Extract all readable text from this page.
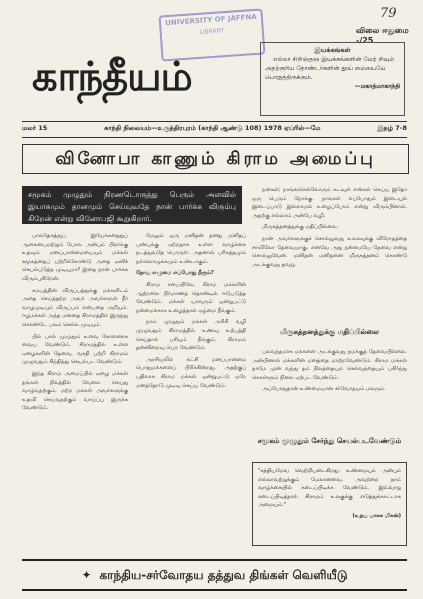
79
விலை ஈதுமை -/25
UNIVERSITY OF JAFFNA
LIBRARY
காந்தீயம்
இயக்கங்கள்
எல்லா சிறிஞ்தஞ இயக்கங்களின் மேற் றிவும் அதற்குரிய தோண்டர்களின் தூய் மையையே பொறுத்திருக்கும்.
—மகாத்மாகாந்தி
மலர் 15	காந்தி நிலையம்—உருத்திரபுரம் (காந்தி ஆண்டு 108) 1978 ஏப்ரில்—மே	இதழ் 7-8
வினோபா காணும் கிராம அமைப்பு
சமூகம் முழுதும் நிரணடொருத்து பெரும் அளவில் இயாசுமும் தானமும் செய்யுவதே நான் பார்க்க விரும்பு கிறேன் என்று வினோபஜி கூறுகிறார்.

பாலதேசுத்துப் இயேக்கதைதுப் ஆகையைமற்றும் போல அன்பும் பிறர்க்கு உதவும் மனப்பான்மையையும் மக்கள் சமூகத்தைப் பற்றிக்கோண்டு அதை ஏனிச் செயல்படுத்த முடியுமா? இதை நான் பார்க்க விரும்புகிறேன்.

சமயத்தின் விருப்பத்துக்கு மக்களிடம் அதை செய்த்தற்ற அவர் அவர்களுள் நீர் வாழமுடியும் விருப்பம் என்பதை அறியும். ஈழமக்கள் அந்த மனதை கிராமத்தில் இருந்து கொண்டே பலம் செல்ல முடியும்.

பில் பால் முமுதும் உளவ கோளனாக வைய வேண்டும். கிராமத்தில் உள்ள ஏழைகளின் தேவை, வசதி பற்றி கிராமம் முழுவதும் சிந்தித்து செயல்பட வேண்டும்.

இந்த கிராம அமைப்பில் ஏழை மக்கள் தங்கள் நிலத்தில் வேலை செய்து வாழ்வதற்கும், மற்ற மக்கள் அவர்களுக்கு உதவி செய்வதற்கும் வாய்ப்பு இருக்க வேண்டும்.

மேலும் ஒரு மனிதன் தனது மனிதப் பண்புக்கு ஏற்றதாக உள்ள வாழ்க்கை நடத்துவதே பொருள். அதனால் பரிசுத்தமும் நல்லொழுக்கமும் உண்டாகும்.

நோய் எழுமை எப்போது நீரும்?

கிராம சபையிலே, கிராம மக்களின் ஆற்றலை நிர்மாணத் தொண்டில் ஈடுபடுத்த வேண்டும். மக்கள் யாவரும் ஒன்றுபட்டு நன்மைக்காக உழைத்தால் ஏழ்மை நீங்கும்.

நாம் முழுதும் மக்கள் அரிசி வழி முழுவதும் கிராமத்தில் உணவு உற்பத்தி செய்தால் பசியும் நீங்கும். கிராமம் தன்னிறைவு பெற வேண்டும்.

அரசியலில் கட்சி மனப்பான்மை பொதுமக்களைப் பிரிக்கின்றது. அதற்குப் பதிலாக கிராம மக்கள் ஒன்றுபட்டு ஒரே மனத்தோடு முடிவு செய்ய வேண்டும்.

நன்கள்; நாங்களெல்லோரும் கடவுள் என்கள் செய்ய இதோ ஒரு பெரும் நோக்கு. நாங்கள் எப்போதும் இடையுல் இடைப்பாடு இல்லாமல் உழைப்போம் என்று விரும்பினால், அதற்கு எல்லாம் அன்பே வழி.

மிருகத்தனத்துக்கு மதிப்பில்லை.

நான் அவர்களுக்குச் சொல்லுவது உலகவுக்கு விரோதத்தை சாவிலோ தேவையாகு. எனவே அது நன்மையே தேவை என்று சொல்லுவேன். மனிதன் மனிதனை மிருகத்தனம் கொண்டு அடக்குவது தவறு.

மிருகத்தனத்துக்கு மதிப்பில்லை

பலவந்தமாக மக்களை அடக்குவது நமக்குத் தேவையில்லை. அன்பினால் மக்களின் மனத்தை மாற்றவேண்டும். கிராம மக்கள் தாமே முன் வந்து தம் நிலத்தையும் செல்வத்தையும் பகிர்ந்து கொள்ளும் நிலை ஏற்பட வேண்டும்.

அப்போதுதான் உண்மையான சர்வோதயம் மலரும்.

சமூகம் முழுதும் சேர்ந்து செயல்படவேண்டும்
"சத்தியமேவ வெற்றியடைகிறது. உண்மையும் அன்பும் எல்லாவற்றுக்கும் மேலானவை. அவற்றை நாம் வாழ்க்கையில் கடைப்பிடிக்க வேண்டும். இவ்வாறு கடைப்பிடித்தால் கிராமம் உலகுக்கு எடுத்துக்காட்டாக அமையும்."
(உதய பாசுக மிகன்)
✦ காந்திய-சர்வோதய தத்துவ திங்கள் வெளியீடு
